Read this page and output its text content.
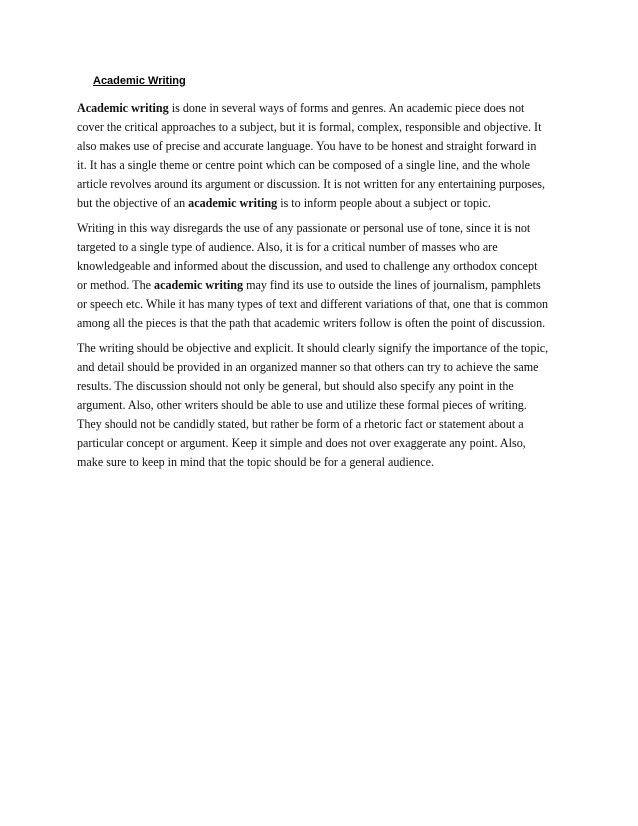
Academic Writing

Academic writing is done in several ways of forms and genres. An academic piece does not
cover the critical approaches to a subject, but it is formal, complex, responsible and objective. It
also makes use of precise and accurate language. You have to be honest and straight forward in
it. It has a single theme or centre point which can be composed of a single line, and the whole
article revolves around its argument or discussion. It is not written for any entertaining purposes,
but the objective of an academic writing is to inform people about a subject or topic.

Writing in this way disregards the use of any passionate or personal use of tone, since it is not
targeted to a single type of audience. Also, it is for a critical number of masses who are
knowledgeable and informed about the discussion, and used to challenge any orthodox concept
or method. The academic writing may find its use to outside the lines of journalism, pamphlets
or speech etc. While it has many types of text and different variations of that, one that is common
among all the pieces is that the path that academic writers follow is often the point of discussion.

The writing should be objective and explicit. It should clearly signify the importance of the topic,
and detail should be provided in an organized manner so that others can try to achieve the same
results. The discussion should not only be general, but should also specify any point in the
argument. Also, other writers should be able to use and utilize these formal pieces of writing.
They should not be candidly stated, but rather be form of a rhetoric fact or statement about a
particular concept or argument. Keep it simple and does not over exaggerate any point. Also,
make sure to keep in mind that the topic should be for a general audience.
